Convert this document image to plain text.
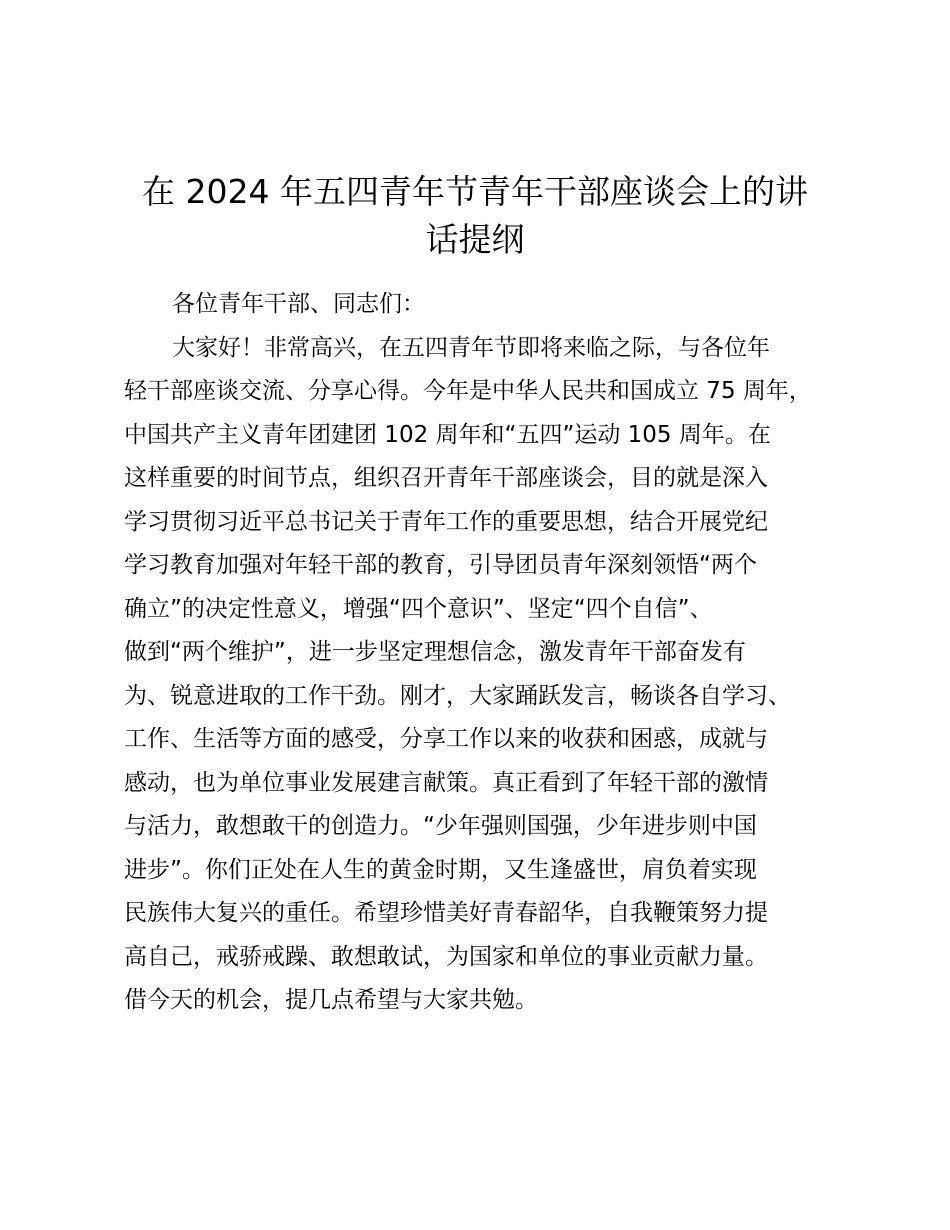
在 2024 年五四青年节青年干部座谈会上的讲
话提纲
各位青年干部、同志们：
大家好！非常高兴，在五四青年节即将来临之际，与各位年
轻干部座谈交流、分享心得。今年是中华人民共和国成立 75 周年，
中国共产主义青年团建团 102 周年和“五四”运动 105 周年。在
这样重要的时间节点，组织召开青年干部座谈会，目的就是深入
学习贯彻习近平总书记关于青年工作的重要思想，结合开展党纪
学习教育加强对年轻干部的教育，引导团员青年深刻领悟“两个
确立”的决定性意义，增强“四个意识”、坚定“四个自信”、
做到“两个维护”，进一步坚定理想信念，激发青年干部奋发有
为、锐意进取的工作干劲。刚才，大家踊跃发言，畅谈各自学习、
工作、生活等方面的感受，分享工作以来的收获和困惑，成就与
感动，也为单位事业发展建言献策。真正看到了年轻干部的激情
与活力，敢想敢干的创造力。“少年强则国强，少年进步则中国
进步”。你们正处在人生的黄金时期，又生逢盛世，肩负着实现
民族伟大复兴的重任。希望珍惜美好青春韶华，自我鞭策努力提
高自己，戒骄戒躁、敢想敢试，为国家和单位的事业贡献力量。
借今天的机会，提几点希望与大家共勉。
